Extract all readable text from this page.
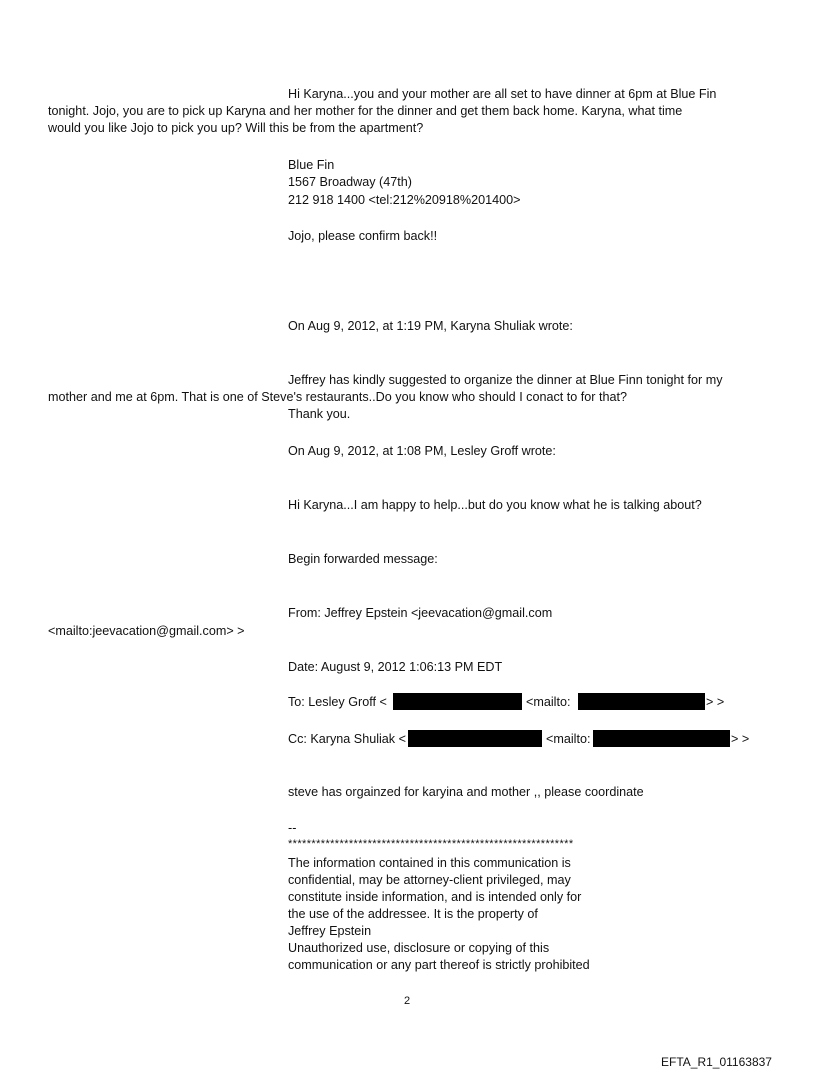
Hi Karyna...you and your mother are all set to have dinner at 6pm at Blue Fin
tonight. Jojo, you are to pick up Karyna and her mother for the dinner and get them back home. Karyna, what time
would you like Jojo to pick you up? Will this be from the apartment?
Blue Fin
1567 Broadway (47th)
212 918 1400 <tel:212%20918%201400>
Jojo, please confirm back!!
On Aug 9, 2012, at 1:19 PM, Karyna Shuliak wrote:
Jeffrey has kindly suggested to organize the dinner at Blue Finn tonight for my
mother and me at 6pm. That is one of Steve's restaurants..Do you know who should I conact to for that?
Thank you.
On Aug 9, 2012, at 1:08 PM, Lesley Groff wrote:
Hi Karyna...I am happy to help...but do you know what he is talking about?
Begin forwarded message:
From: Jeffrey Epstein <jeevacation@gmail.com
<mailto:jeevacation@gmail.com> >
Date: August 9, 2012 1:06:13 PM EDT
To: Lesley Groff <	<mailto:	> >
Cc: Karyna Shuliak <	<mailto:	> >
steve has orgainzed for karyina and mother ,, please coordinate
--
*************************************************************
The information contained in this communication is
confidential, may be attorney-client privileged, may
constitute inside information, and is intended only for
the use of the addressee. It is the property of
Jeffrey Epstein
Unauthorized use, disclosure or copying of this
communication or any part thereof is strictly prohibited
2
EFTA_R1_01163837
